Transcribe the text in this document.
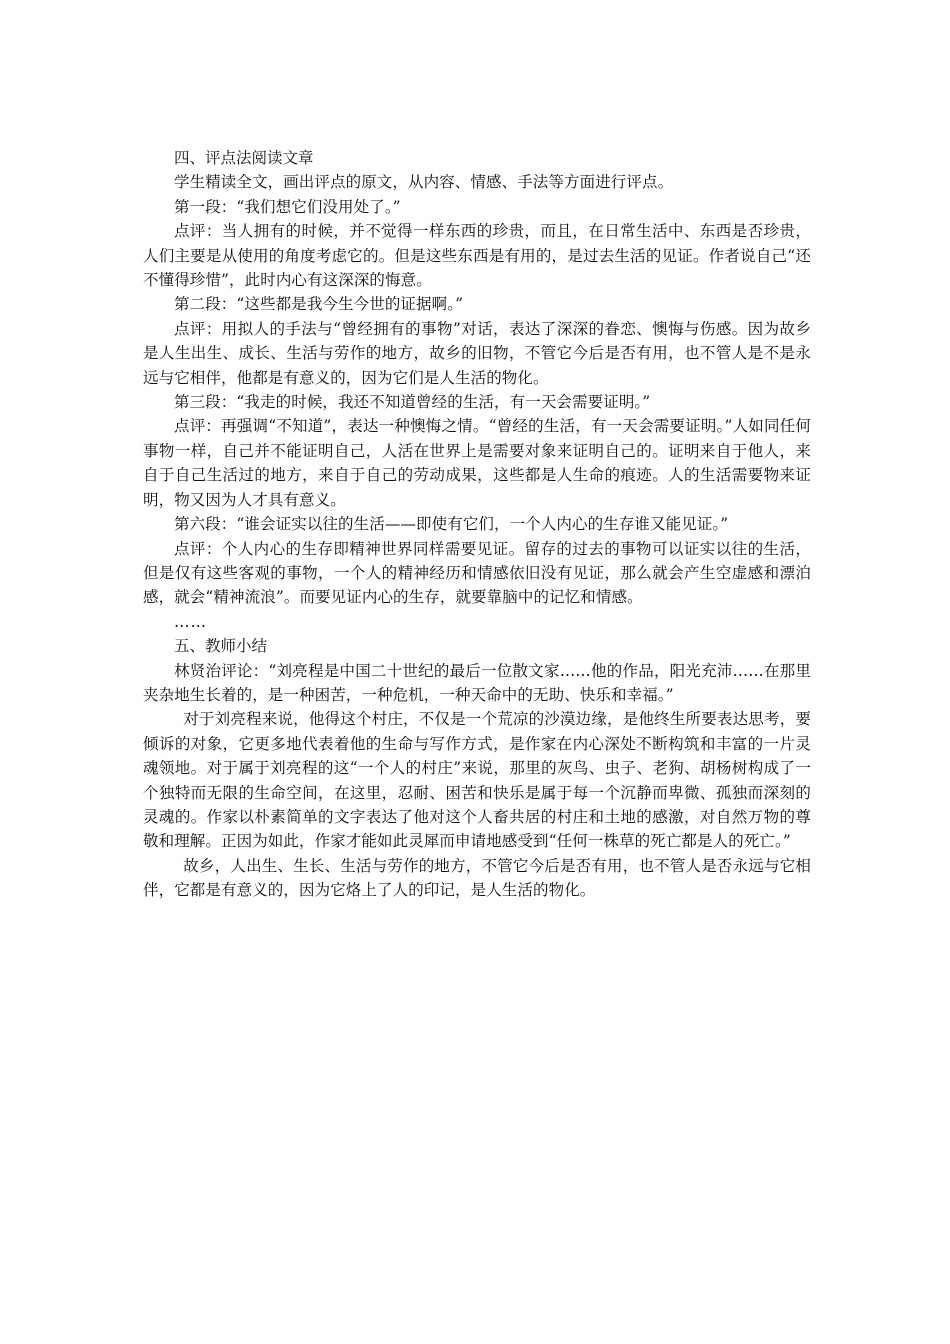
四、评点法阅读文章

学生精读全文，画出评点的原文，从内容、情感、手法等方面进行评点。

第一段：“我们想它们没用处了。”

点评：当人拥有的时候，并不觉得一样东西的珍贵，而且，在日常生活中、东西是否珍贵，人们主要是从使用的角度考虑它的。但是这些东西是有用的，是过去生活的见证。作者说自己“还不懂得珍惜”，此时内心有这深深的悔意。

第二段：“这些都是我今生今世的证据啊。”

点评：用拟人的手法与“曾经拥有的事物”对话，表达了深深的眷恋、懊悔与伤感。因为故乡是人生出生、成长、生活与劳作的地方，故乡的旧物，不管它今后是否有用，也不管人是不是永远与它相伴，他都是有意义的，因为它们是人生活的物化。

第三段：“我走的时候，我还不知道曾经的生活，有一天会需要证明。”

点评：再强调“不知道”，表达一种懊悔之情。“曾经的生活，有一天会需要证明。”人如同任何事物一样，自己并不能证明自己，人活在世界上是需要对象来证明自己的。证明来自于他人，来自于自己生活过的地方，来自于自己的劳动成果，这些都是人生命的痕迹。人的生活需要物来证明，物又因为人才具有意义。

第六段：“谁会证实以往的生活——即使有它们，一个人内心的生存谁又能见证。”

点评：个人内心的生存即精神世界同样需要见证。留存的过去的事物可以证实以往的生活，但是仅有这些客观的事物，一个人的精神经历和情感依旧没有见证，那么就会产生空虚感和漂泊感，就会“精神流浪”。而要见证内心的生存，就要靠脑中的记忆和情感。

……

五、教师小结

林贤治评论：“刘亮程是中国二十世纪的最后一位散文家……他的作品，阳光充沛……在那里夹杂地生长着的，是一种困苦，一种危机，一种天命中的无助、快乐和幸福。”

对于刘亮程来说，他得这个村庄，不仅是一个荒凉的沙漠边缘，是他终生所要表达思考，要倾诉的对象，它更多地代表着他的生命与写作方式，是作家在内心深处不断构筑和丰富的一片灵魂领地。对于属于刘亮程的这“一个人的村庄”来说，那里的灰鸟、虫子、老狗、胡杨树构成了一个独特而无限的生命空间，在这里，忍耐、困苦和快乐是属于每一个沉静而卑微、孤独而深刻的灵魂的。作家以朴素简单的文字表达了他对这个人畜共居的村庄和土地的感激，对自然万物的尊敬和理解。正因为如此，作家才能如此灵犀而申请地感受到“任何一株草的死亡都是人的死亡。”

故乡，人出生、生长、生活与劳作的地方，不管它今后是否有用，也不管人是否永远与它相伴，它都是有意义的，因为它烙上了人的印记，是人生活的物化。
